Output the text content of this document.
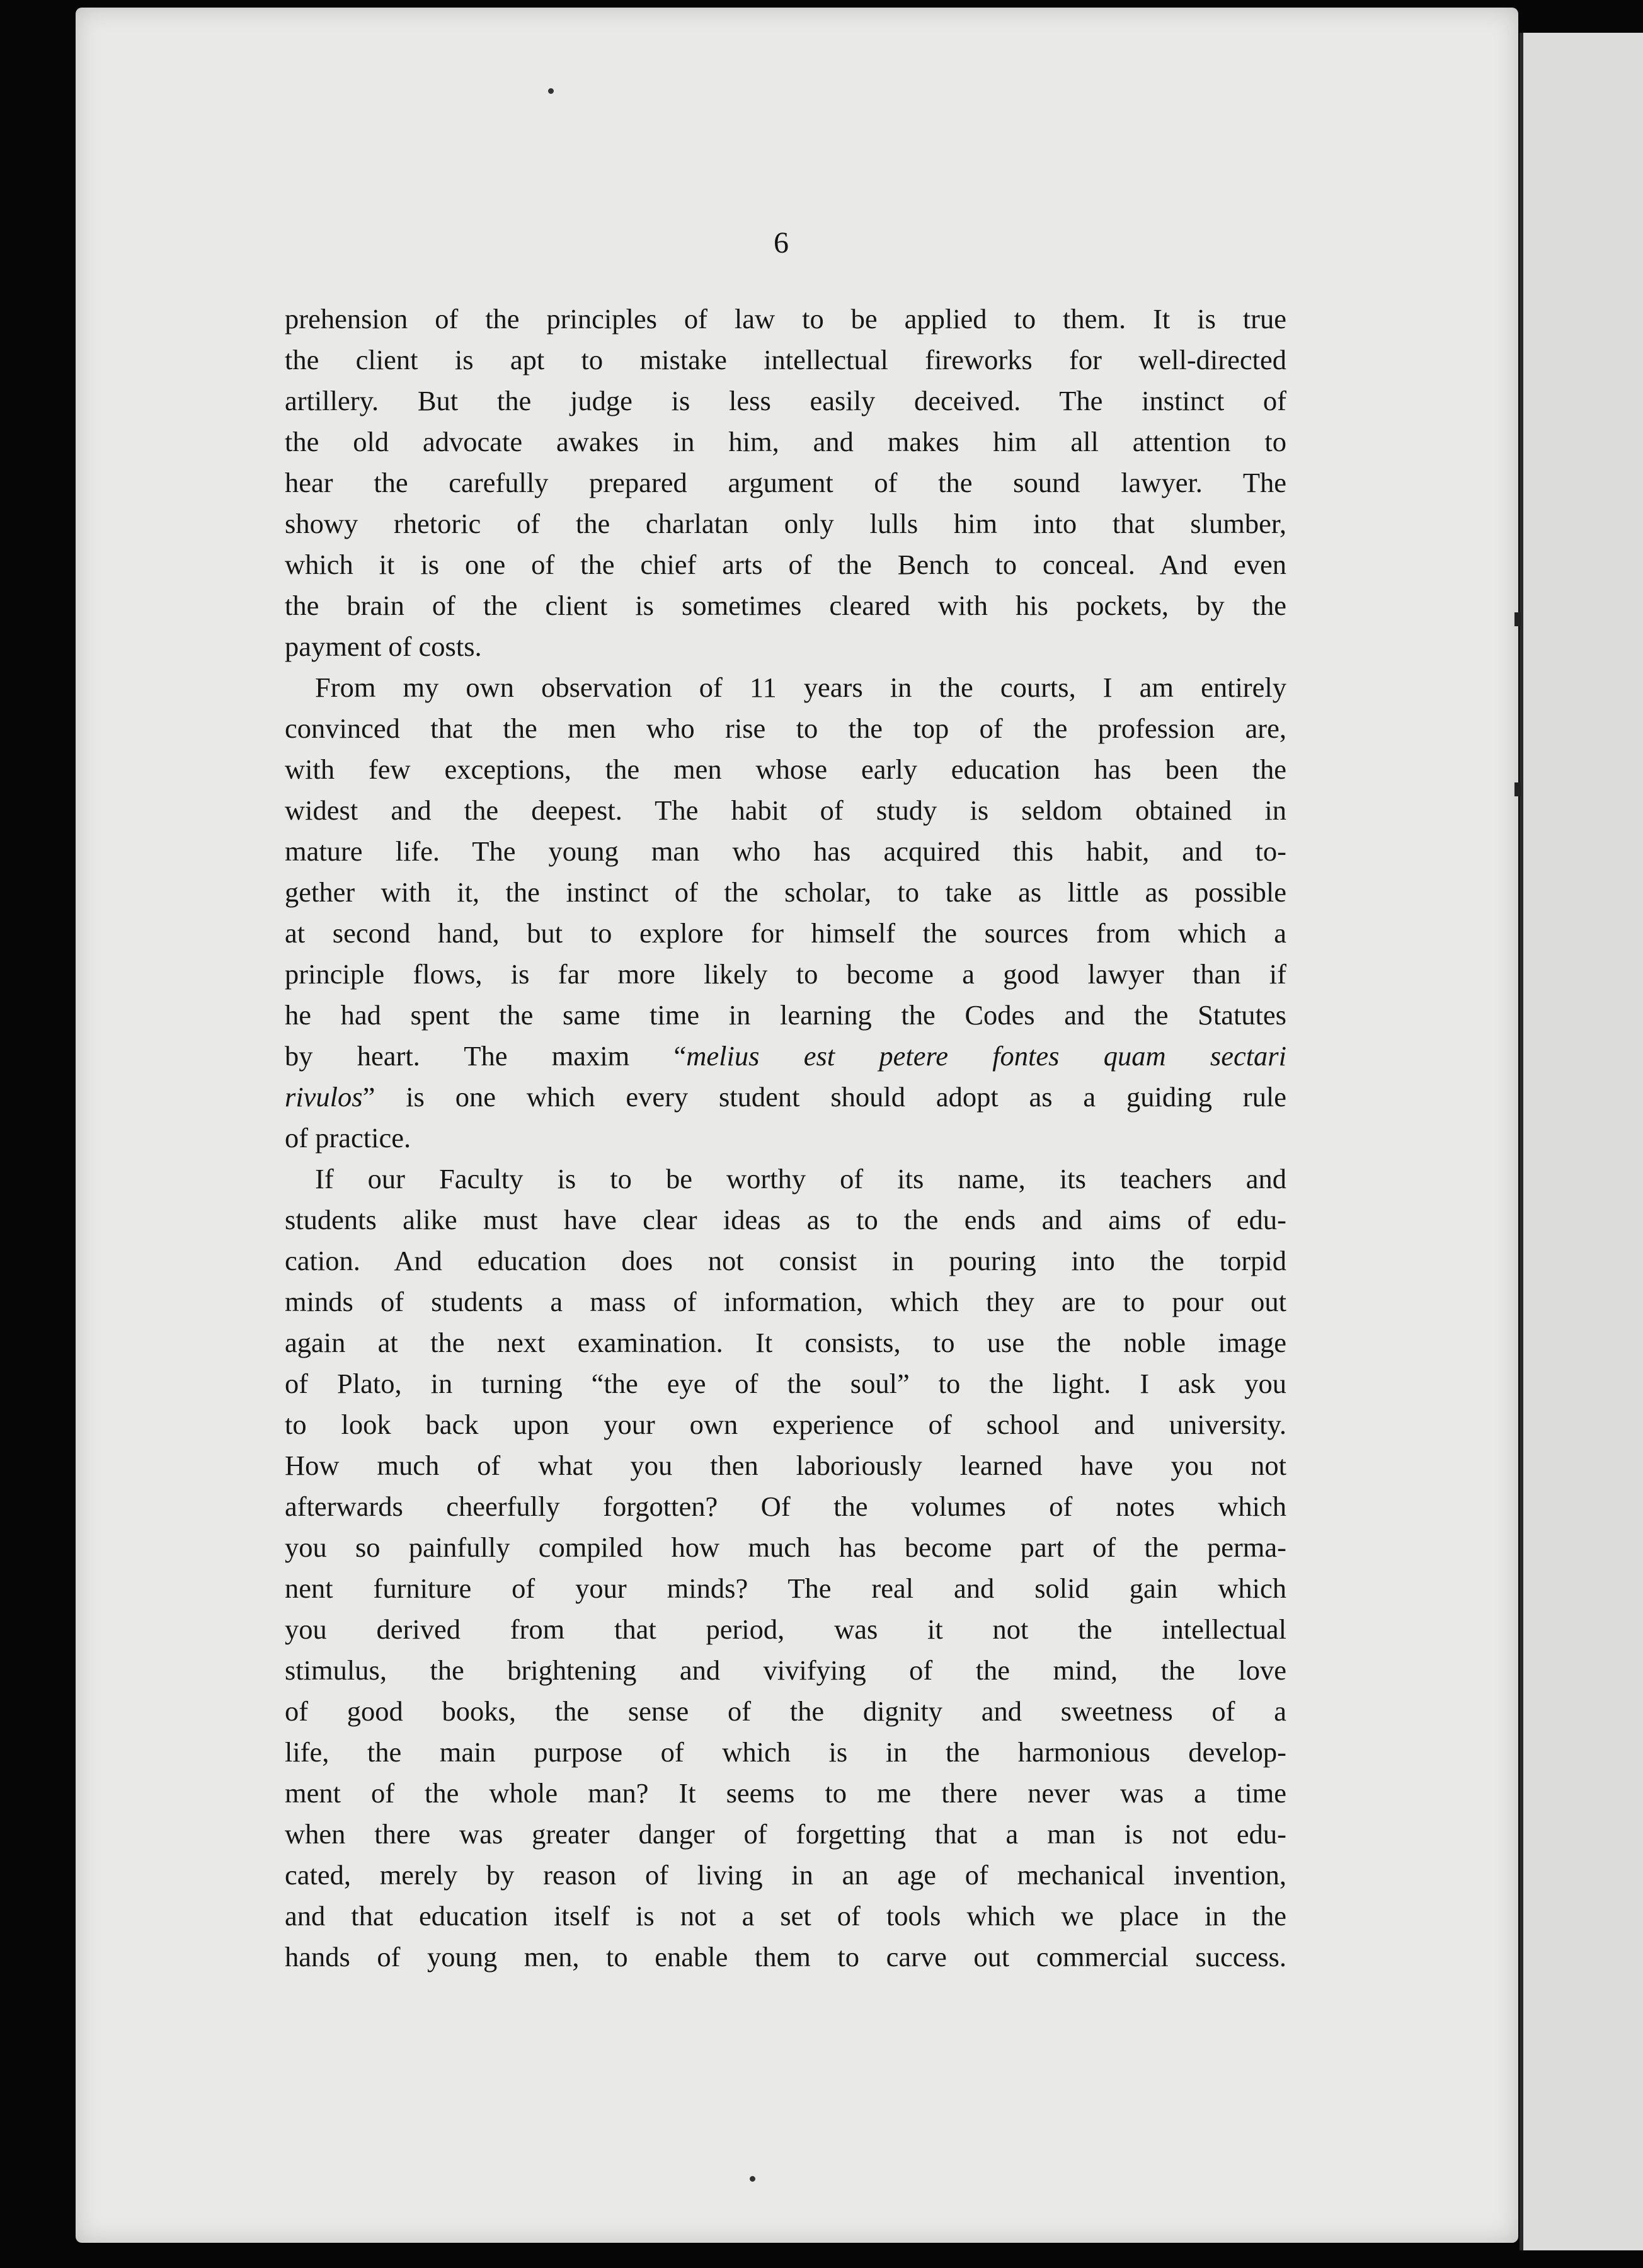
6

prehension of the principles of law to be applied to them. It is true
the client is apt to mistake intellectual fireworks for well-directed
artillery. But the judge is less easily deceived. The instinct of
the old advocate awakes in him, and makes him all attention to
hear the carefully prepared argument of the sound lawyer. The
showy rhetoric of the charlatan only lulls him into that slumber,
which it is one of the chief arts of the Bench to conceal. And even
the brain of the client is sometimes cleared with his pockets, by the
payment of costs.

From my own observation of 11 years in the courts, I am entirely
convinced that the men who rise to the top of the profession are,
with few exceptions, the men whose early education has been the
widest and the deepest. The habit of study is seldom obtained in
mature life. The young man who has acquired this habit, and to-
gether with it, the instinct of the scholar, to take as little as possible
at second hand, but to explore for himself the sources from which a
principle flows, is far more likely to become a good lawyer than if
he had spent the same time in learning the Codes and the Statutes
by heart. The maxim “melius est petere fontes quam sectari
rivulos” is one which every student should adopt as a guiding rule
of practice.

If our Faculty is to be worthy of its name, its teachers and
students alike must have clear ideas as to the ends and aims of edu-
cation. And education does not consist in pouring into the torpid
minds of students a mass of information, which they are to pour out
again at the next examination. It consists, to use the noble image
of Plato, in turning “the eye of the soul” to the light. I ask you
to look back upon your own experience of school and university.
How much of what you then laboriously learned have you not
afterwards cheerfully forgotten? Of the volumes of notes which
you so painfully compiled how much has become part of the perma-
nent furniture of your minds? The real and solid gain which
you derived from that period, was it not the intellectual
stimulus, the brightening and vivifying of the mind, the love
of good books, the sense of the dignity and sweetness of a
life, the main purpose of which is in the harmonious develop-
ment of the whole man? It seems to me there never was a time
when there was greater danger of forgetting that a man is not edu-
cated, merely by reason of living in an age of mechanical invention,
and that education itself is not a set of tools which we place in the
hands of young men, to enable them to carve out commercial success.
